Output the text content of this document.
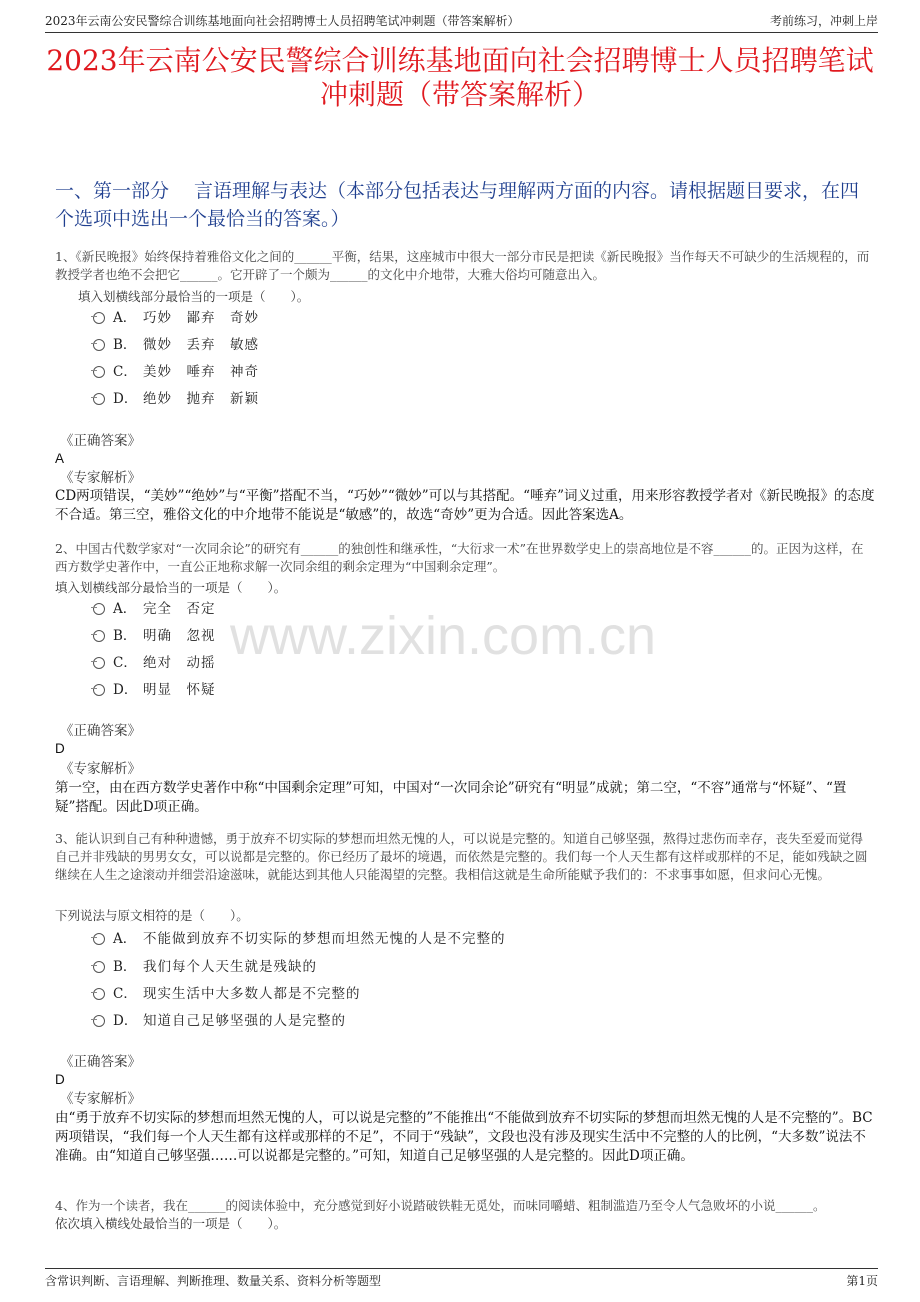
2023年云南公安民警综合训练基地面向社会招聘博士人员招聘笔试冲刺题（带答案解析）	考前练习，冲刺上岸
2023年云南公安民警综合训练基地面向社会招聘博士人员招聘笔试冲刺题（带答案解析）
一、第一部分　 言语理解与表达（本部分包括表达与理解两方面的内容。请根据题目要求，在四个选项中选出一个最恰当的答案。）
www.zixin.com.cn
1、《新民晚报》始终保持着雅俗文化之间的______平衡，结果，这座城市中很大一部分市民是把读《新民晚报》当作每天不可缺少的生活规程的，而教授学者也绝不会把它______。它开辟了一个颇为______的文化中介地带，大雅大俗均可随意出入。
填入划横线部分最恰当的一项是（　　）。
A． 巧妙　鄙弃　奇妙
B． 微妙　丢弃　敏感
C． 美妙　唾弃　神奇
D． 绝妙　抛弃　新颖
《正确答案》
A
《专家解析》
CD两项错误，“美妙”“绝妙”与“平衡”搭配不当，“巧妙”“微妙”可以与其搭配。“唾弃”词义过重，用来形容教授学者对《新民晚报》的态度不合适。第三空，雅俗文化的中介地带不能说是“敏感”的，故选“奇妙”更为合适。因此答案选A。
2、中国古代数学家对“一次同余论”的研究有______的独创性和继承性，“大衍求一术”在世界数学史上的崇高地位是不容______的。正因为这样，在西方数学史著作中，一直公正地称求解一次同余组的剩余定理为“中国剩余定理”。
填入划横线部分最恰当的一项是（　　）。
A． 完全　否定
B． 明确　忽视
C． 绝对　动摇
D． 明显　怀疑
《正确答案》
D
《专家解析》
第一空，由在西方数学史著作中称“中国剩余定理”可知，中国对“一次同余论”研究有“明显”成就；第二空，“不容”通常与“怀疑”、“置疑”搭配。因此D项正确。
3、能认识到自己有种种遗憾，勇于放弃不切实际的梦想而坦然无愧的人，可以说是完整的。知道自己够坚强，熬得过悲伤而幸存，丧失至爱而觉得自己并非残缺的男男女女，可以说都是完整的。你已经历了最坏的境遇，而依然是完整的。我们每一个人天生都有这样或那样的不足，能如残缺之圆继续在人生之途滚动并细尝沿途滋味，就能达到其他人只能渴望的完整。我相信这就是生命所能赋予我们的：不求事事如愿，但求问心无愧。
下列说法与原文相符的是（　　）。
A． 不能做到放弃不切实际的梦想而坦然无愧的人是不完整的
B． 我们每个人天生就是残缺的
C． 现实生活中大多数人都是不完整的
D． 知道自己足够坚强的人是完整的
《正确答案》
D
《专家解析》
由“勇于放弃不切实际的梦想而坦然无愧的人，可以说是完整的”不能推出“不能做到放弃不切实际的梦想而坦然无愧的人是不完整的”。BC两项错误，“我们每一个人天生都有这样或那样的不足”，不同于“残缺”，文段也没有涉及现实生活中不完整的人的比例，“大多数”说法不准确。由“知道自己够坚强……可以说都是完整的。”可知，知道自己足够坚强的人是完整的。因此D项正确。
4、作为一个读者，我在______的阅读体验中，充分感觉到好小说踏破铁鞋无觅处，而味同嚼蜡、粗制滥造乃至令人气急败坏的小说______。
依次填入横线处最恰当的一项是（　　）。
含常识判断、言语理解、判断推理、数量关系、资料分析等题型	第1页
